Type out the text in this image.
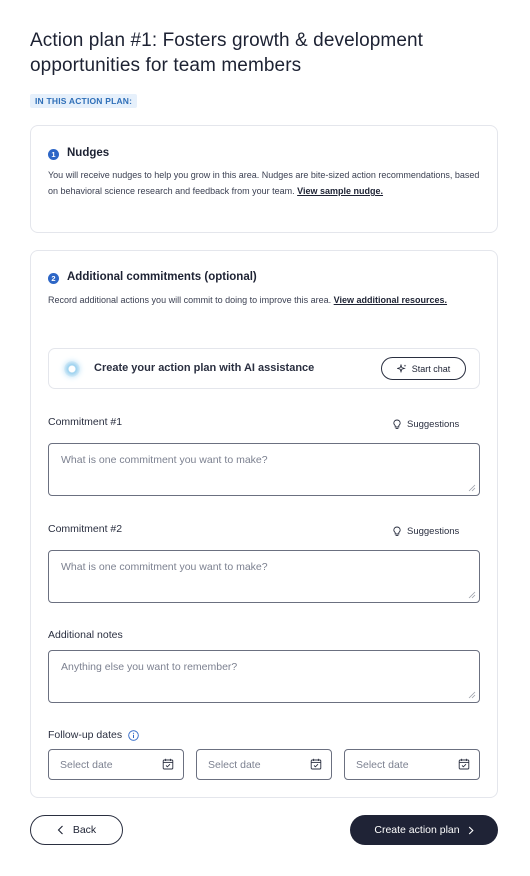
Action plan #1: Fosters growth & development opportunities for team members
IN THIS ACTION PLAN:
1 Nudges
You will receive nudges to help you grow in this area. Nudges are bite-sized action recommendations, based on behavioral science research and feedback from your team. View sample nudge.
2 Additional commitments (optional)
Record additional actions you will commit to doing to improve this area. View additional resources.
Create your action plan with AI assistance	Start chat
Commitment #1	Suggestions
What is one commitment you want to make?
Commitment #2	Suggestions
What is one commitment you want to make?
Additional notes
Anything else you want to remember?
Follow-up dates
Select date	Select date	Select date
Back	Create action plan
